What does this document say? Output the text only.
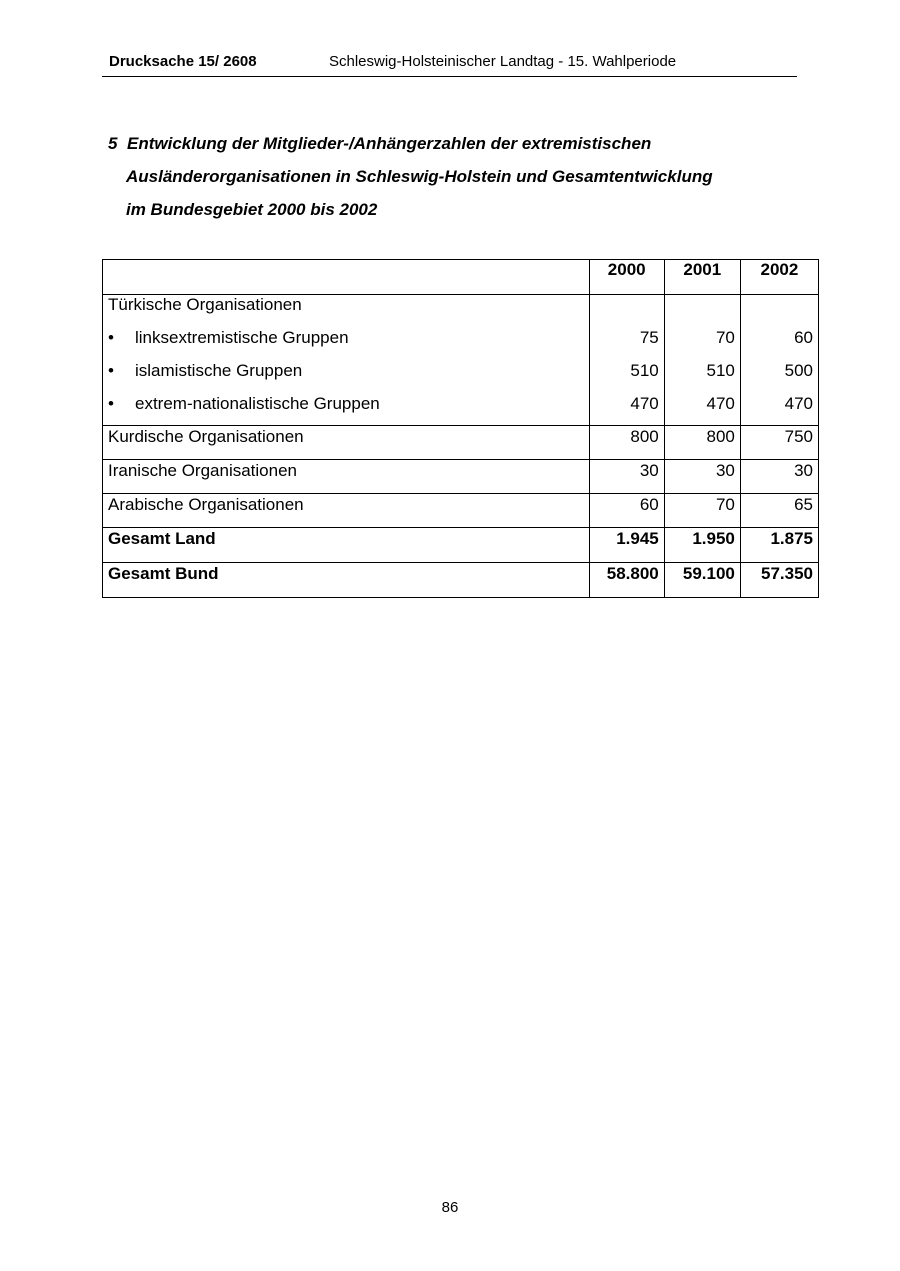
Drucksache 15/ 2608	Schleswig-Holsteinischer Landtag - 15. Wahlperiode
5 Entwicklung der Mitglieder-/Anhängerzahlen der extremistischen
Ausländerorganisationen in Schleswig-Holstein und Gesamtentwicklung
im Bundesgebiet 2000 bis 2002
	2000	2001	2002
Türkische Organisationen			
• linksextremistische Gruppen	75	70	60
• islamistische Gruppen	510	510	500
• extrem-nationalistische Gruppen	470	470	470
Kurdische Organisationen	800	800	750
Iranische Organisationen	30	30	30
Arabische Organisationen	60	70	65
Gesamt Land	1.945	1.950	1.875
Gesamt Bund	58.800	59.100	57.350
86
